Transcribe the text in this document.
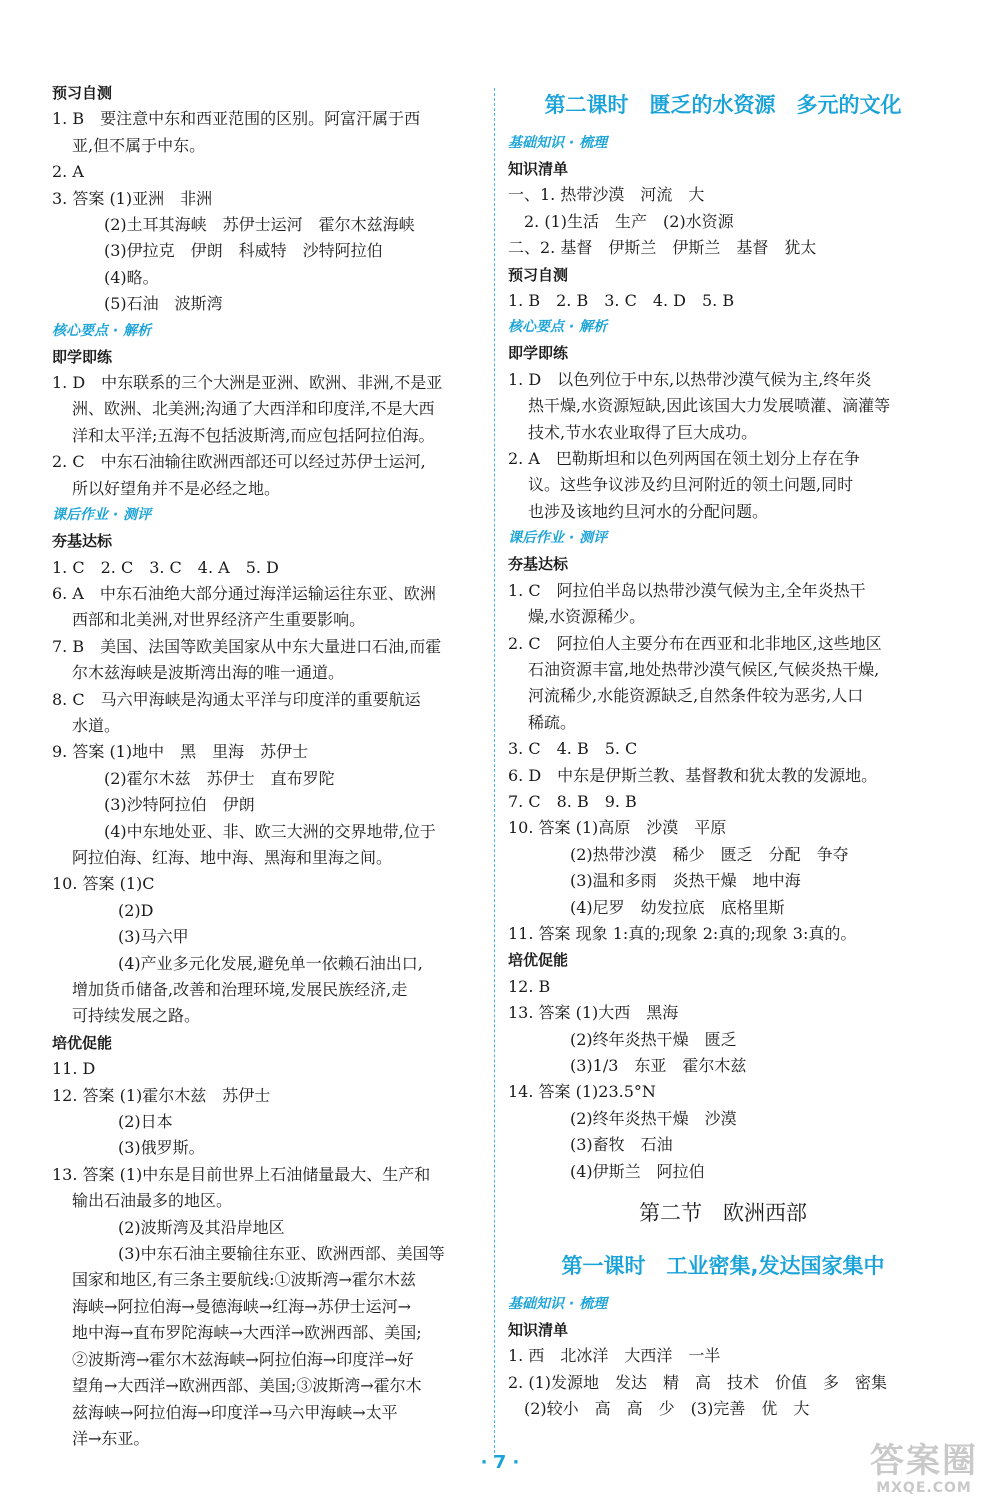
预习自测
1. B　要注意中东和西亚范围的区别。阿富汗属于西
亚,但不属于中东。
2. A
3. 答案 (1)亚洲　非洲
(2)土耳其海峡　苏伊士运河　霍尔木兹海峡
(3)伊拉克　伊朗　科威特　沙特阿拉伯
(4)略。
(5)石油　波斯湾
核心要点 · 解析
即学即练
1. D　中东联系的三个大洲是亚洲、欧洲、非洲,不是亚
洲、欧洲、北美洲;沟通了大西洋和印度洋,不是大西
洋和太平洋;五海不包括波斯湾,而应包括阿拉伯海。
2. C　中东石油输往欧洲西部还可以经过苏伊士运河,
所以好望角并不是必经之地。
课后作业 · 测评
夯基达标
1. C　2. C　3. C　4. A　5. D
6. A　中东石油绝大部分通过海洋运输运往东亚、欧洲
西部和北美洲,对世界经济产生重要影响。
7. B　美国、法国等欧美国家从中东大量进口石油,而霍
尔木兹海峡是波斯湾出海的唯一通道。
8. C　马六甲海峡是沟通太平洋与印度洋的重要航运
水道。
9. 答案 (1)地中　黑　里海　苏伊士
(2)霍尔木兹　苏伊士　直布罗陀
(3)沙特阿拉伯　伊朗
(4)中东地处亚、非、欧三大洲的交界地带,位于
阿拉伯海、红海、地中海、黑海和里海之间。
10. 答案 (1)C
(2)D
(3)马六甲
(4)产业多元化发展,避免单一依赖石油出口,
增加货币储备,改善和治理环境,发展民族经济,走
可持续发展之路。
培优促能
11. D
12. 答案 (1)霍尔木兹　苏伊士
(2)日本
(3)俄罗斯。
13. 答案 (1)中东是目前世界上石油储量最大、生产和
输出石油最多的地区。
(2)波斯湾及其沿岸地区
(3)中东石油主要输往东亚、欧洲西部、美国等
国家和地区,有三条主要航线:①波斯湾→霍尔木兹
海峡→阿拉伯海→曼德海峡→红海→苏伊士运河→
地中海→直布罗陀海峡→大西洋→欧洲西部、美国;
②波斯湾→霍尔木兹海峡→阿拉伯海→印度洋→好
望角→大西洋→欧洲西部、美国;③波斯湾→霍尔木
兹海峡→阿拉伯海→印度洋→马六甲海峡→太平
洋→东亚。
第二课时　匮乏的水资源　多元的文化
基础知识 · 梳理
知识清单
一、1. 热带沙漠　河流　大
2. (1)生活　生产　(2)水资源
二、2. 基督　伊斯兰　伊斯兰　基督　犹太
预习自测
1. B　2. B　3. C　4. D　5. B
核心要点 · 解析
即学即练
1. D　以色列位于中东,以热带沙漠气候为主,终年炎
热干燥,水资源短缺,因此该国大力发展喷灌、滴灌等
技术,节水农业取得了巨大成功。
2. A　巴勒斯坦和以色列两国在领土划分上存在争
议。这些争议涉及约旦河附近的领土问题,同时
也涉及该地约旦河水的分配问题。
课后作业 · 测评
夯基达标
1. C　阿拉伯半岛以热带沙漠气候为主,全年炎热干
燥,水资源稀少。
2. C　阿拉伯人主要分布在西亚和北非地区,这些地区
石油资源丰富,地处热带沙漠气候区,气候炎热干燥,
河流稀少,水能资源缺乏,自然条件较为恶劣,人口
稀疏。
3. C　4. B　5. C
6. D　中东是伊斯兰教、基督教和犹太教的发源地。
7. C　8. B　9. B
10. 答案 (1)高原　沙漠　平原
(2)热带沙漠　稀少　匮乏　分配　争夺
(3)温和多雨　炎热干燥　地中海
(4)尼罗　幼发拉底　底格里斯
11. 答案 现象 1:真的;现象 2:真的;现象 3:真的。
培优促能
12. B
13. 答案 (1)大西　黑海
(2)终年炎热干燥　匮乏
(3)1/3　东亚　霍尔木兹
14. 答案 (1)23.5°N
(2)终年炎热干燥　沙漠
(3)畜牧　石油
(4)伊斯兰　阿拉伯
第二节　欧洲西部
第一课时　工业密集,发达国家集中
基础知识 · 梳理
知识清单
1. 西　北冰洋　大西洋　一半
2. (1)发源地　发达　精　高　技术　价值　多　密集
(2)较小　高　高　少　(3)完善　优　大
· 7 ·	答案圈
MXQE.COM
